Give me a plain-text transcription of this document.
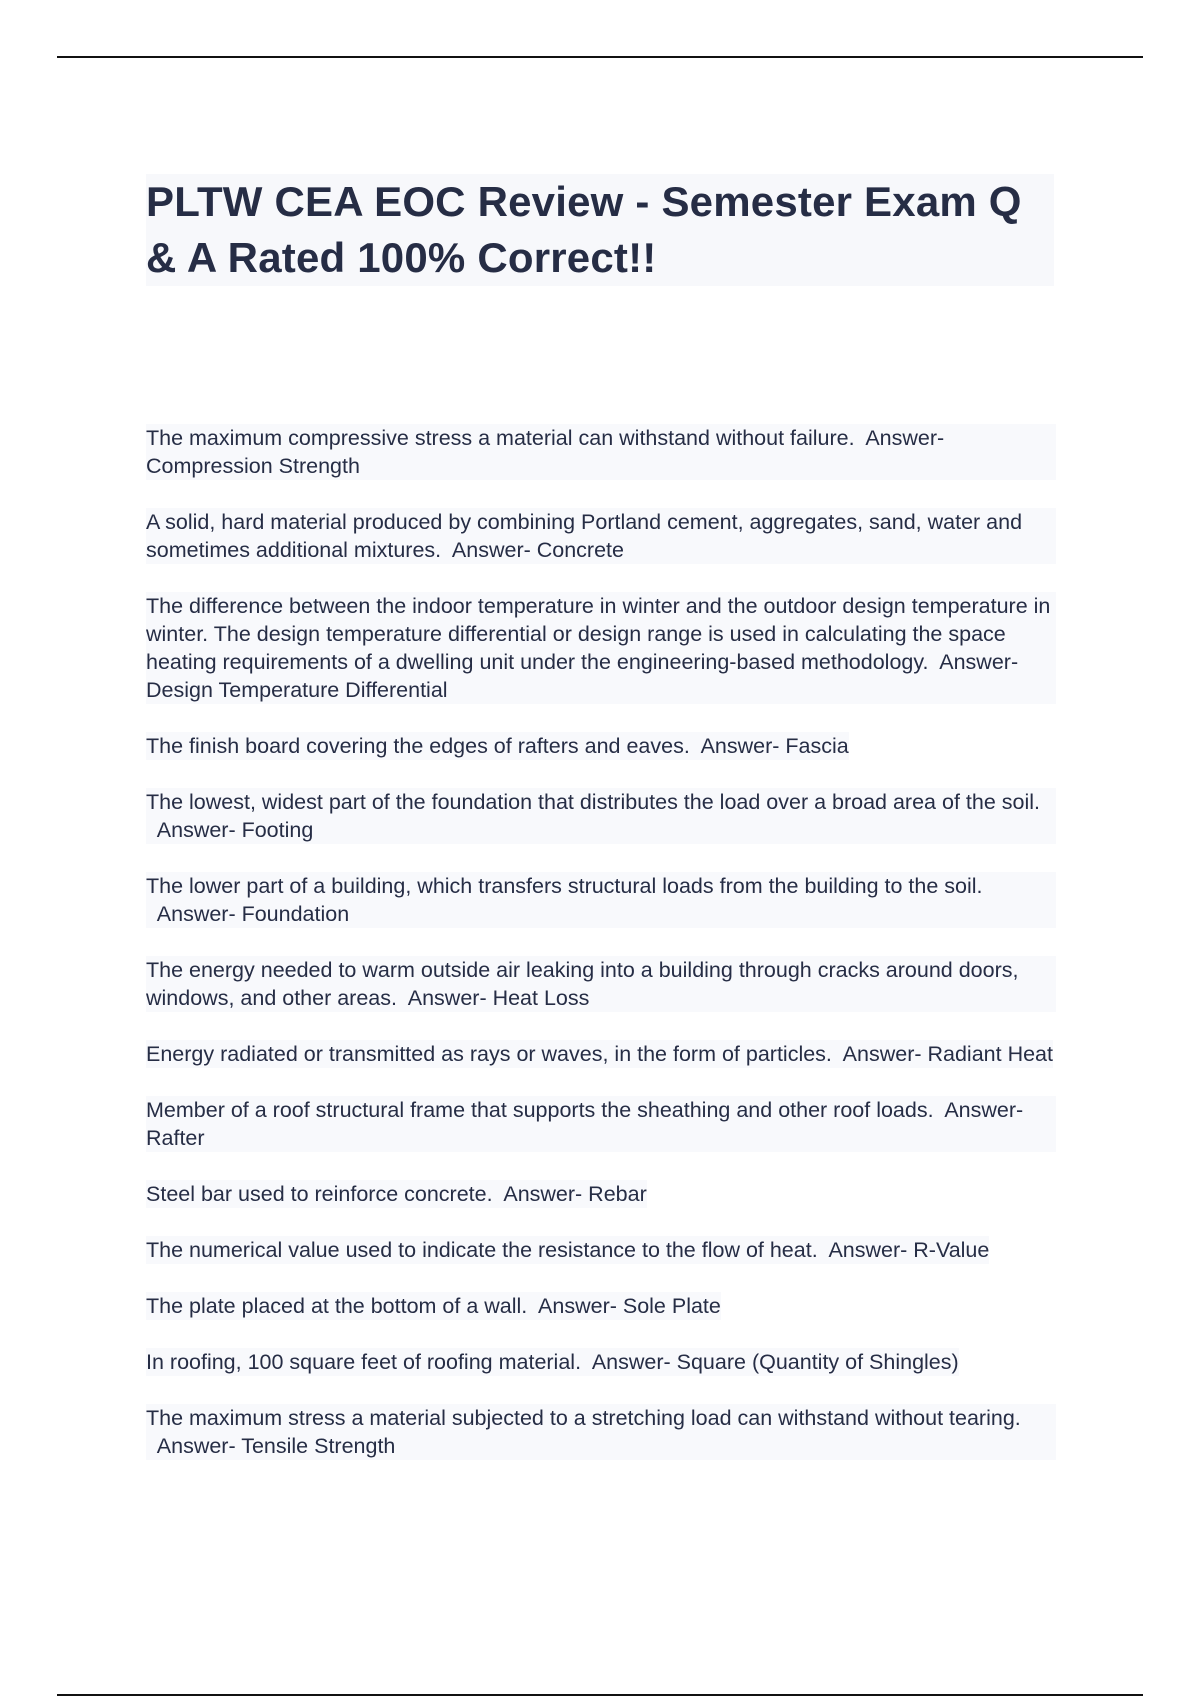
PLTW CEA EOC Review - Semester Exam Q & A Rated 100% Correct!!
The maximum compressive stress a material can withstand without failure. Answer- Compression Strength
A solid, hard material produced by combining Portland cement, aggregates, sand, water and sometimes additional mixtures. Answer- Concrete
The difference between the indoor temperature in winter and the outdoor design temperature in winter. The design temperature differential or design range is used in calculating the space heating requirements of a dwelling unit under the engineering-based methodology. Answer- Design Temperature Differential
The finish board covering the edges of rafters and eaves. Answer- Fascia
The lowest, widest part of the foundation that distributes the load over a broad area of the soil.  Answer- Footing
The lower part of a building, which transfers structural loads from the building to the soil.  Answer- Foundation
The energy needed to warm outside air leaking into a building through cracks around doors, windows, and other areas. Answer- Heat Loss
Energy radiated or transmitted as rays or waves, in the form of particles. Answer- Radiant Heat
Member of a roof structural frame that supports the sheathing and other roof loads. Answer- Rafter
Steel bar used to reinforce concrete. Answer- Rebar
The numerical value used to indicate the resistance to the flow of heat. Answer- R-Value
The plate placed at the bottom of a wall. Answer- Sole Plate
In roofing, 100 square feet of roofing material. Answer- Square (Quantity of Shingles)
The maximum stress a material subjected to a stretching load can withstand without tearing.  Answer- Tensile Strength
